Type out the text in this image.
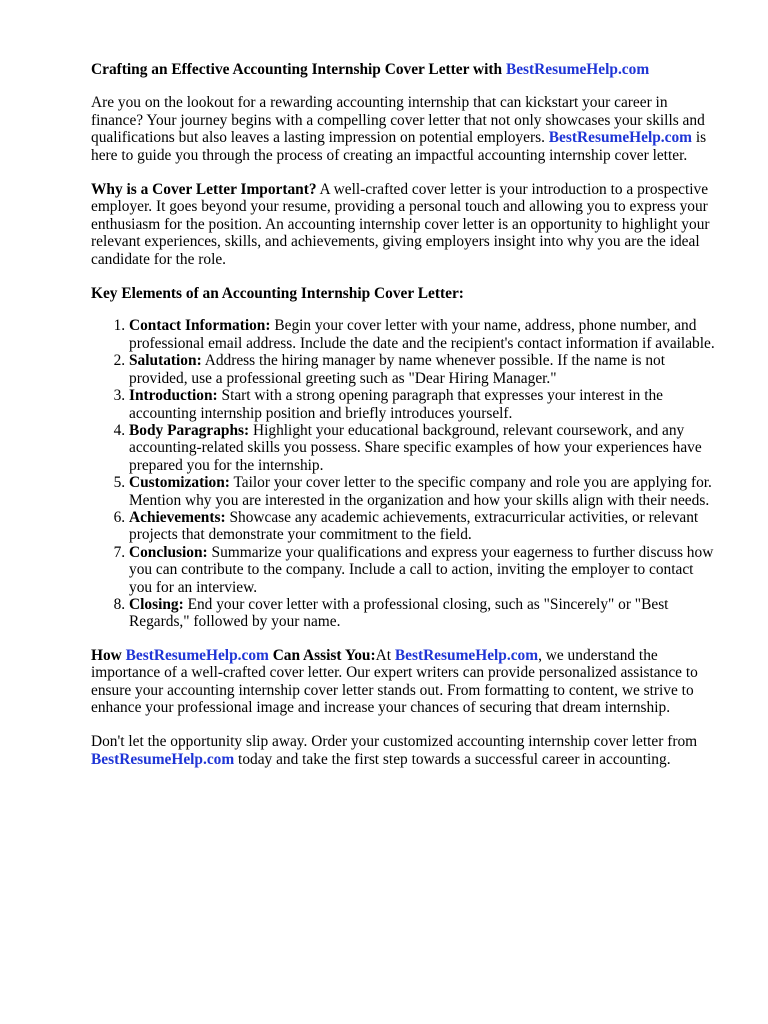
Crafting an Effective Accounting Internship Cover Letter with BestResumeHelp.com

Are you on the lookout for a rewarding accounting internship that can kickstart your career in finance? Your journey begins with a compelling cover letter that not only showcases your skills and qualifications but also leaves a lasting impression on potential employers. BestResumeHelp.com is here to guide you through the process of creating an impactful accounting internship cover letter.

Why is a Cover Letter Important? A well-crafted cover letter is your introduction to a prospective employer. It goes beyond your resume, providing a personal touch and allowing you to express your enthusiasm for the position. An accounting internship cover letter is an opportunity to highlight your relevant experiences, skills, and achievements, giving employers insight into why you are the ideal candidate for the role.

Key Elements of an Accounting Internship Cover Letter:

1. Contact Information: Begin your cover letter with your name, address, phone number, and professional email address. Include the date and the recipient's contact information if available.
2. Salutation: Address the hiring manager by name whenever possible. If the name is not provided, use a professional greeting such as "Dear Hiring Manager."
3. Introduction: Start with a strong opening paragraph that expresses your interest in the accounting internship position and briefly introduces yourself.
4. Body Paragraphs: Highlight your educational background, relevant coursework, and any accounting-related skills you possess. Share specific examples of how your experiences have prepared you for the internship.
5. Customization: Tailor your cover letter to the specific company and role you are applying for. Mention why you are interested in the organization and how your skills align with their needs.
6. Achievements: Showcase any academic achievements, extracurricular activities, or relevant projects that demonstrate your commitment to the field.
7. Conclusion: Summarize your qualifications and express your eagerness to further discuss how you can contribute to the company. Include a call to action, inviting the employer to contact you for an interview.
8. Closing: End your cover letter with a professional closing, such as "Sincerely" or "Best Regards," followed by your name.

How BestResumeHelp.com Can Assist You:At BestResumeHelp.com, we understand the importance of a well-crafted cover letter. Our expert writers can provide personalized assistance to ensure your accounting internship cover letter stands out. From formatting to content, we strive to enhance your professional image and increase your chances of securing that dream internship.

Don't let the opportunity slip away. Order your customized accounting internship cover letter from BestResumeHelp.com today and take the first step towards a successful career in accounting.
